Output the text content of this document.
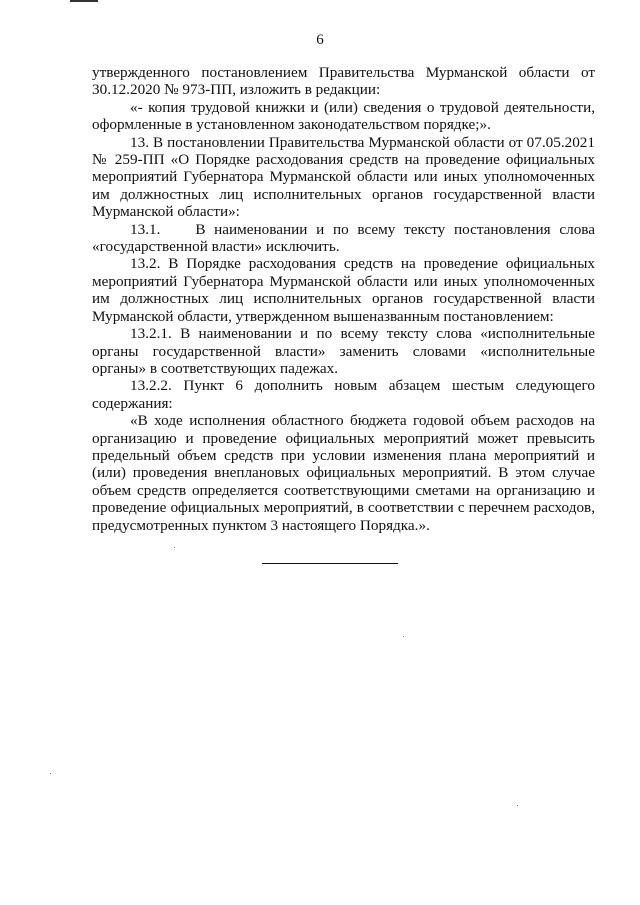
6

утвержденного постановлением Правительства Мурманской области от 30.12.2020 № 973-ПП, изложить в редакции:

«- копия трудовой книжки и (или) сведения о трудовой деятельности, оформленные в установленном законодательством порядке;».

13. В постановлении Правительства Мурманской области от 07.05.2021 № 259-ПП «О Порядке расходования средств на проведение официальных мероприятий Губернатора Мурманской области или иных уполномоченных им должностных лиц исполнительных органов государственной власти Мурманской области»:

13.1.    В наименовании и по всему тексту постановления слова «государственной власти» исключить.

13.2. В Порядке расходования средств на проведение официальных мероприятий Губернатора Мурманской области или иных уполномоченных им должностных лиц исполнительных органов государственной власти Мурманской области, утвержденном вышеназванным постановлением:

13.2.1. В наименовании и по всему тексту слова «исполнительные органы государственной власти» заменить словами «исполнительные органы» в соответствующих падежах.

13.2.2. Пункт 6 дополнить новым абзацем шестым следующего содержания:

«В ходе исполнения областного бюджета годовой объем расходов на организацию и проведение официальных мероприятий может превысить предельный объем средств при условии изменения плана мероприятий и (или) проведения внеплановых официальных мероприятий. В этом случае объем средств определяется соответствующими сметами на организацию и проведение официальных мероприятий, в соответствии с перечнем расходов, предусмотренных пунктом 3 настоящего Порядка.».
